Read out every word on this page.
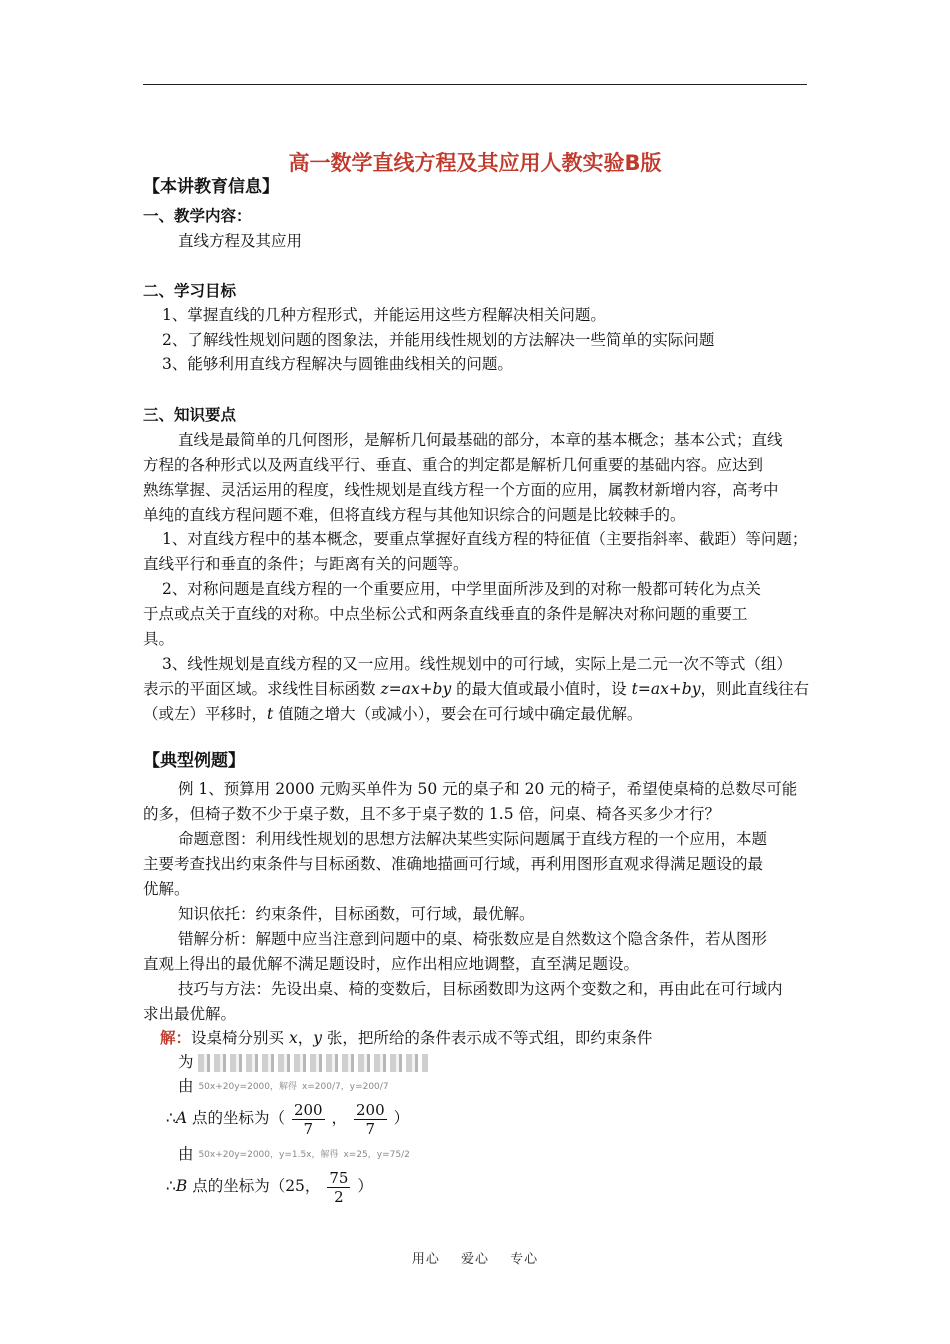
高一数学直线方程及其应用人教实验B版
【本讲教育信息】
一、教学内容：
直线方程及其应用
二、学习目标
1、掌握直线的几种方程形式，并能运用这些方程解决相关问题。
2、了解线性规划问题的图象法，并能用线性规划的方法解决一些简单的实际问题
3、能够利用直线方程解决与圆锥曲线相关的问题。
三、知识要点
直线是最简单的几何图形，是解析几何最基础的部分，本章的基本概念；基本公式；直线
方程的各种形式以及两直线平行、垂直、重合的判定都是解析几何重要的基础内容。应达到
熟练掌握、灵活运用的程度，线性规划是直线方程一个方面的应用，属教材新增内容，高考中
单纯的直线方程问题不难，但将直线方程与其他知识综合的问题是比较棘手的。
1、对直线方程中的基本概念，要重点掌握好直线方程的特征值（主要指斜率、截距）等问题；
直线平行和垂直的条件；与距离有关的问题等。
2、对称问题是直线方程的一个重要应用，中学里面所涉及到的对称一般都可转化为点关
于点或点关于直线的对称。中点坐标公式和两条直线垂直的条件是解决对称问题的重要工
具。
3、线性规划是直线方程的又一应用。线性规划中的可行域，实际上是二元一次不等式（组）
表示的平面区域。求线性目标函数 z=ax+by 的最大值或最小值时，设 t=ax+by，则此直线往右
（或左）平移时，t 值随之增大（或减小），要会在可行域中确定最优解。
【典型例题】
例 1、预算用 2000 元购买单件为 50 元的桌子和 20 元的椅子，希望使桌椅的总数尽可能
的多，但椅子数不少于桌子数，且不多于桌子数的 1.5 倍，问桌、椅各买多少才行？
命题意图：利用线性规划的思想方法解决某些实际问题属于直线方程的一个应用，本题
主要考查找出约束条件与目标函数、准确地描画可行域，再利用图形直观求得满足题设的最
优解。
知识依托：约束条件，目标函数，可行域，最优解。
错解分析：解题中应当注意到问题中的桌、椅张数应是自然数这个隐含条件，若从图形
直观上得出的最优解不满足题设时，应作出相应地调整，直至满足题设。
技巧与方法：先设出桌、椅的变数后，目标函数即为这两个变数之和，再由此在可行域内
求出最优解。
解：设桌椅分别买 x，y 张，把所给的条件表示成不等式组，即约束条件
为
由 50x+20y=2000，解得 x=200/7，y=200/7
∴A 点的坐标为（ $\frac{200}{7}$ ， $\frac{200}{7}$ ）
由 50x+20y=2000，y=1.5x，解得 x=25，y=75/2
∴B 点的坐标为（25， $\frac{75}{2}$ ）
用心 爱心 专心
